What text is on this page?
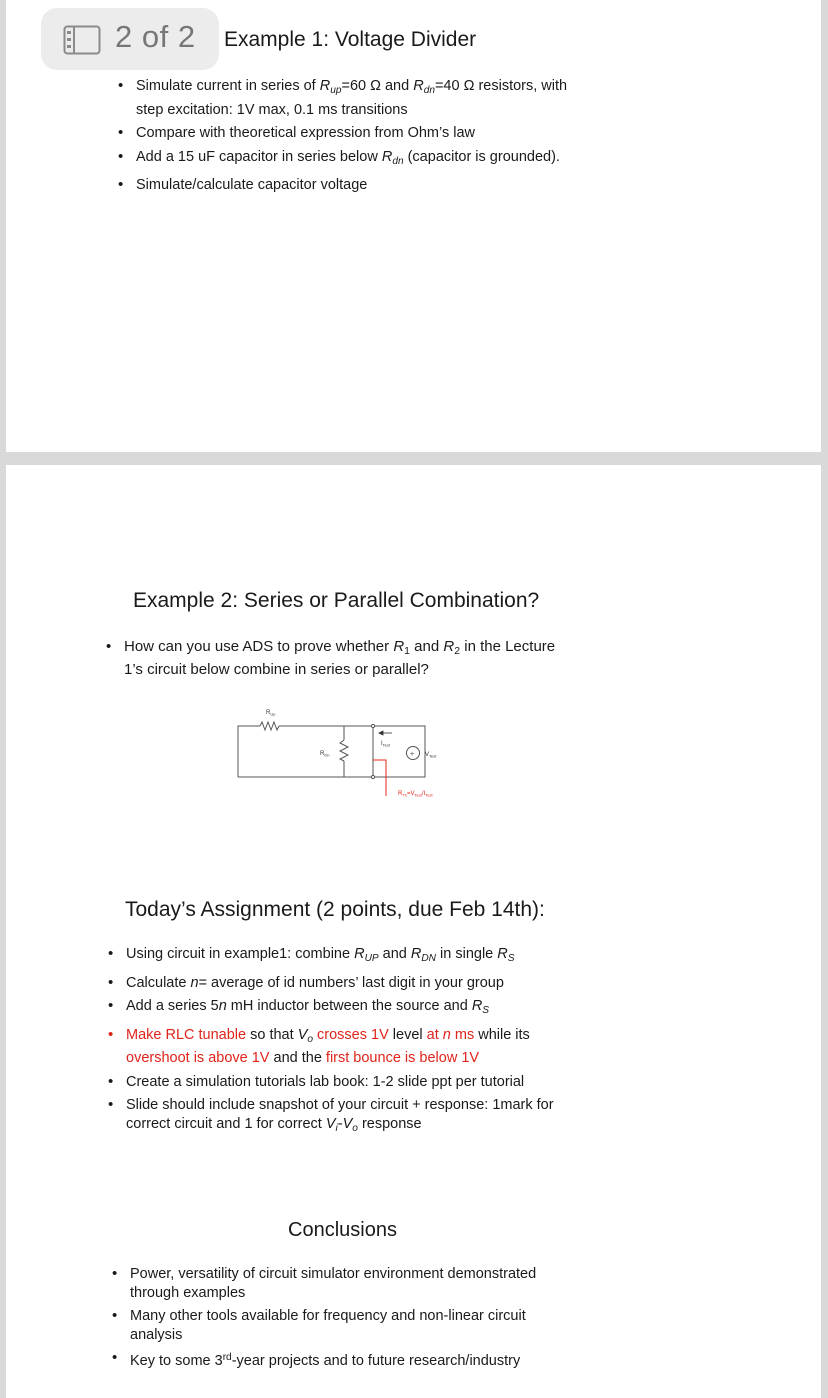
2 of 2 Example 1: Voltage Divider
• Simulate current in series of $R_{up}=60$ Ω and $R_{dn}=40$ Ω resistors, with step excitation: 1V max, 0.1 ms transitions
• Compare with theoretical expression from Ohm’s law
• Add a 15 uF capacitor in series below $R_{dn}$ (capacitor is grounded).
• Simulate/calculate capacitor voltage
Example 2: Series or Parallel Combination?
• How can you use ADS to prove whether $R_1$ and $R_2$ in the Lecture 1’s circuit below combine in series or parallel?
$R_{Up}$
$R_{Dn}$
$I_{Test}$
+ $V_{Test}$
$R_{Th}=V_{Test}/I_{Test}$
Today’s Assignment (2 points, due Feb 14th):
• Using circuit in example1: combine $R_{UP}$ and $R_{DN}$ in single $R_S$
• Calculate n= average of id numbers’ last digit in your group
• Add a series 5n mH inductor between the source and $R_S$
• Make RLC tunable so that $V_o$ crosses 1V level at n ms while its overshoot is above 1V and the first bounce is below 1V
• Create a simulation tutorials lab book: 1-2 slide ppt per tutorial
• Slide should include snapshot of your circuit + response: 1mark for correct circuit and 1 for correct $V_i-V_o$ response
Conclusions
• Power, versatility of circuit simulator environment demonstrated through examples
• Many other tools available for frequency and non-linear circuit analysis
• Key to some 3rd-year projects and to future research/industry
